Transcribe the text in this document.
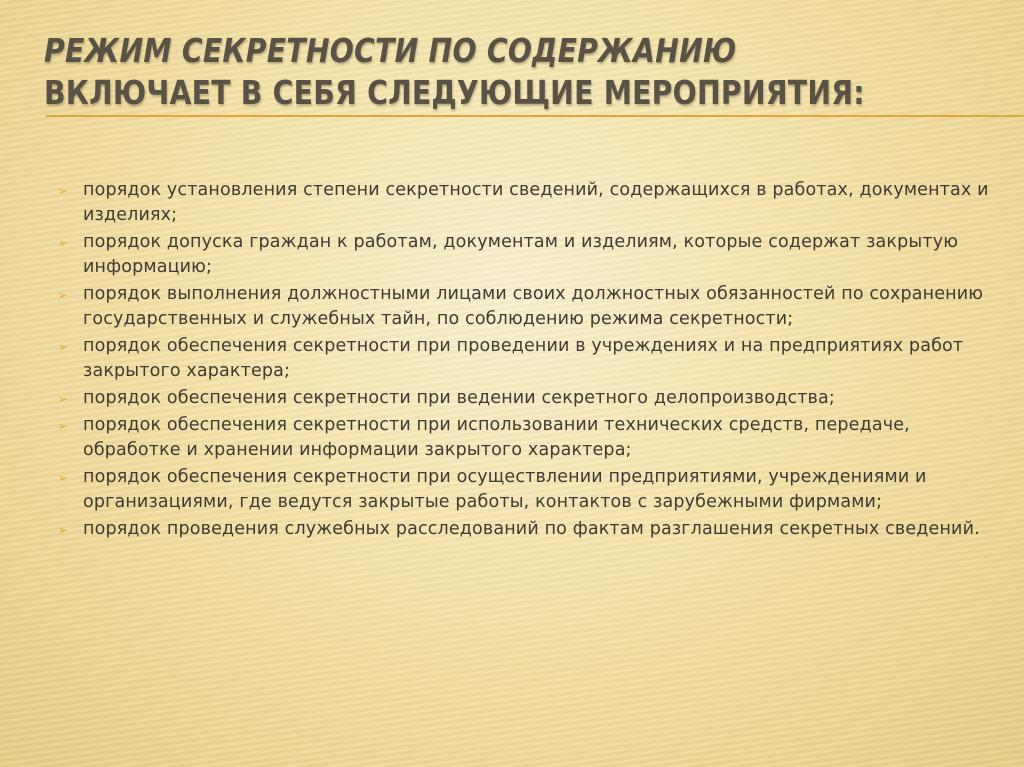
РЕЖИМ СЕКРЕТНОСТИ ПО СОДЕРЖАНИЮ ВКЛЮЧАЕТ В СЕБЯ СЛЕДУЮЩИЕ МЕРОПРИЯТИЯ:
➢ порядок установления степени секретности сведений, содержащихся в работах, документах и изделиях;
➢ порядок допуска граждан к работам, документам и изделиям, которые содержат закрытую информацию;
➢ порядок выполнения должностными лицами своих должностных обязанностей по сохранению государственных и служебных тайн, по соблюдению режима секретности;
➢ порядок обеспечения секретности при проведении в учреждениях и на предприятиях работ закрытого характера;
➢ порядок обеспечения секретности при ведении секретного делопроизводства;
➢ порядок обеспечения секретности при использовании технических средств, передаче, обработке и хранении информации закрытого характера;
➢ порядок обеспечения секретности при осуществлении предприятиями, учреждениями и организациями, где ведутся закрытые работы, контактов с зарубежными фирмами;
➢ порядок проведения служебных расследований по фактам разглашения секретных сведений.
